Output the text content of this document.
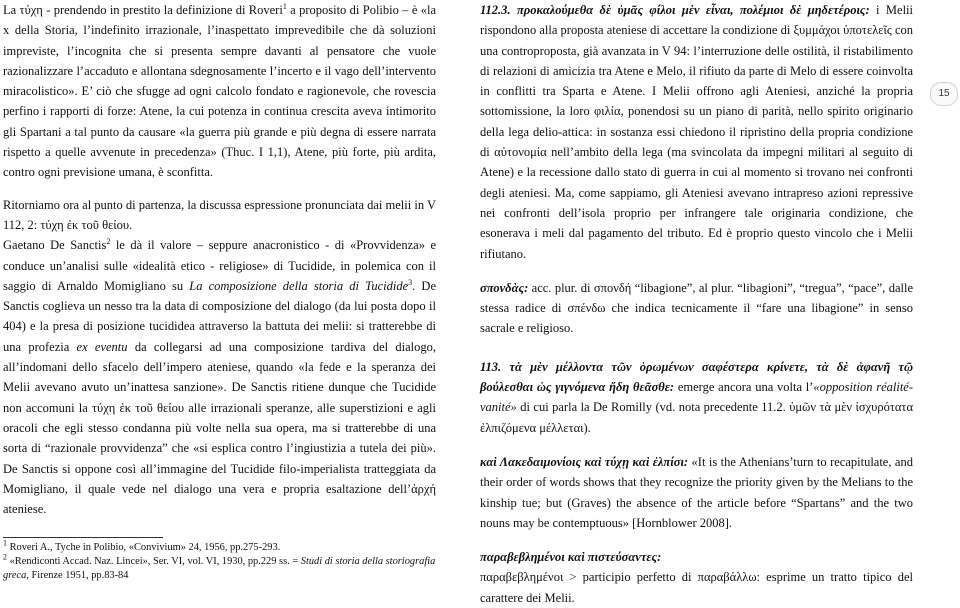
La τύχη - prendendo in prestito la definizione di Roveri$^1$ a proposito di Polibio – è «la x della Storia, l’indefinito irrazionale, l’inaspettato imprevedibile che dà soluzioni impreviste, l’incognita che si presenta sempre davanti al pensatore che vuole razionalizzare l’accaduto e allontana sdegnosamente l’incerto e il vago dell’intervento miracolistico». E’ ciò che sfugge ad ogni calcolo fondato e ragionevole, che rovescia perfino i rapporti di forze: Atene, la cui potenza in continua crescita aveva intimorito gli Spartani a tal punto da causare «la guerra più grande e più degna di essere narrata rispetto a quelle avvenute in precedenza» (Thuc. I 1,1), Atene, più forte, più ardita, contro ogni previsione umana, è sconfitta.

Ritorniamo ora al punto di partenza, la discussa espressione pronunciata dai melii in V 112, 2: τύχη ἐκ τοῦ θείου.

Gaetano De Sanctis$^2$ le dà il valore – seppure anacronistico - di «Provvidenza» e conduce un’analisi sulle «idealità etico - religiose» di Tucidide, in polemica con il saggio di Arnaldo Momigliano su La composizione della storia di Tucidide$^3$. De Sanctis coglieva un nesso tra la data di composizione del dialogo (da lui posta dopo il 404) e la presa di posizione tucididea attraverso la battuta dei melii: si tratterebbe di una profezia ex eventu da collegarsi ad una composizione tardiva del dialogo, all’indomani dello sfacelo dell’impero ateniese, quando «la fede e la speranza dei Melii avevano avuto un’inattesa sanzione». De Sanctis ritiene dunque che Tucidide non accomuni la τύχη ἐκ τοῦ θείου alle irrazionali speranze, alle superstizioni e agli oracoli che egli stesso condanna più volte nella sua opera, ma si tratterebbe di una sorta di “razionale provvidenza” che «si esplica contro l’ingiustizia a tutela dei più». De Sanctis si oppone così all’immagine del Tucidide filo-imperialista tratteggiata da Momigliano, il quale vede nel dialogo una vera e propria esaltazione dell’ἀρχή ateniese.

$^1$ Roveri A., Tyche in Polibio, «Convivium» 24, 1956, pp.275-293.

$^2$ «Rendiconti Accad. Naz. Lincei», Ser. VI, vol. VI, 1930, pp.229 ss. = Studi di storia della storiografia greca, Firenze 1951, pp.83-84

112.3. προκαλούμεθα δὲ ὑμᾶς φίλοι μὲν εἶναι, πολέμιοι δὲ μηδετέροις: i Melii rispondono alla proposta ateniese di accettare la condizione di ξυμμάχοι ὑποτελεῖς con una controproposta, già avanzata in V 94: l’interruzione delle ostilità, il ristabilimento di relazioni di amicizia tra Atene e Melo, il rifiuto da parte di Melo di essere coinvolta in conflitti tra Sparta e Atene. I Melii offrono agli Ateniesi, anziché la propria sottomissione, la loro φιλία, ponendosi su un piano di parità, nello spirito originario della lega delio-attica: in sostanza essi chiedono il ripristino della propria condizione di αὐτονομία nell’ambito della lega (ma svincolata da impegni militari al seguito di Atene) e la recessione dallo stato di guerra in cui al momento si trovano nei confronti degli ateniesi. Ma, come sappiamo, gli Ateniesi avevano intrapreso azioni repressive nei confronti dell’isola proprio per infrangere tale originaria condizione, che esonerava i meli dal pagamento del tributo. Ed è proprio questo vincolo che i Melii rifiutano.

σπονδὰς: acc. plur. di σπονδή “libagione”, al plur. “libagioni”, “tregua”, “pace”, dalle stessa radice di σπένδω che indica tecnicamente il “fare una libagione” in senso sacrale e religioso.

113. τὰ μὲν μέλλοντα τῶν ὁρωμένων σαφέστερα κρίνετε, τὰ δὲ ἀφανῆ τῷ βούλεσθαι ὡς γιγνόμενα ἤδη θεᾶσθε: emerge ancora una volta l’«opposition réalité-vanité» di cui parla la De Romilly (vd. nota precedente 11.2. ὑμῶν τὰ μὲν ἰσχυρότατα ἐλπιζόμενα μέλλεται).

καὶ Λακεδαιμονίοις καὶ τύχῃ καὶ ἐλπίσι: «It is the Athenians’turn to recapitulate, and their order of words shows that they recognize the priority given by the Melians to the kinship tue; but (Graves) the absence of the article before “Spartans” and the two nouns may be contemptuous» [Hornblower 2008].

παραβεβλημένοι καὶ πιστεύσαντες:

παραβεβλημένοι > participio perfetto di παραβάλλω: esprime un tratto tipico del carattere dei Melii.

15
